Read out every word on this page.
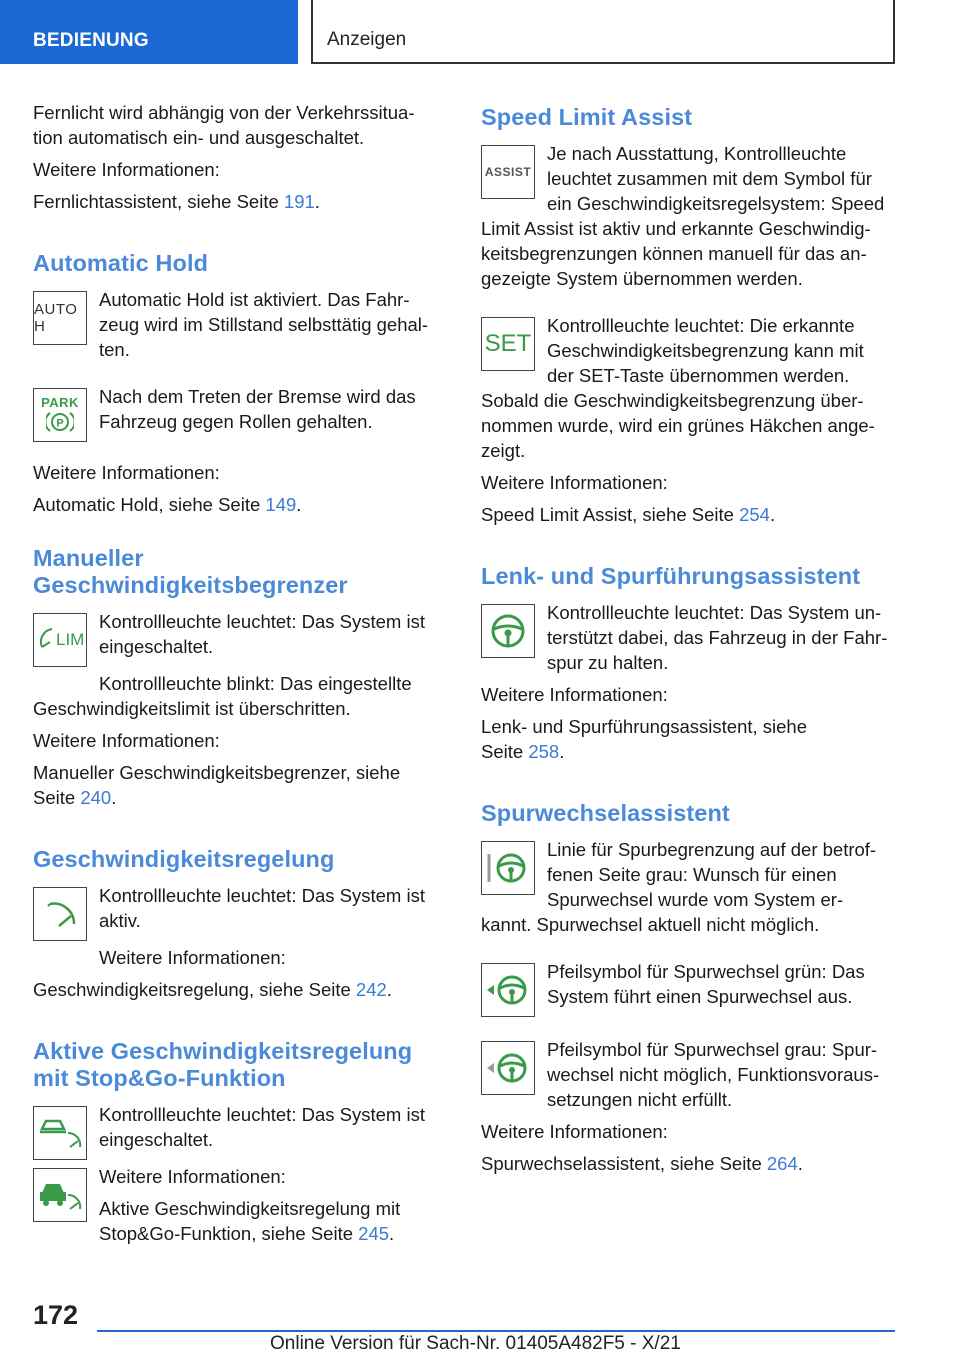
BEDIENUNG	Anzeigen

Fernlicht wird abhängig von der Verkehrssitua-

tion automatisch ein- und ausgeschaltet.

Weitere Informationen:

Fernlichtassistent, siehe Seite 191.

Automatic Hold
AUTO H

Automatic Hold ist aktiviert. Das Fahr-zeug wird im Stillstand selbsttätig gehal-ten.

PARK
P

Nach dem Treten der Bremse wird das Fahrzeug gegen Rollen gehalten.

Weitere Informationen:

Automatic Hold, siehe Seite 149.

Manueller
Geschwindigkeitsbegrenzer
LIM

Kontrollleuchte leuchtet: Das System ist eingeschaltet.

Kontrollleuchte blinkt: Das eingestellte

Geschwindigkeitslimit ist überschritten.

Weitere Informationen:

Manueller Geschwindigkeitsbegrenzer, siehe

Seite 240.

Geschwindigkeitsregelung

Kontrollleuchte leuchtet: Das System ist aktiv.

Weitere Informationen:

Geschwindigkeitsregelung, siehe Seite 242.

Aktive Geschwindigkeitsregelung
mit Stop&Go-Funktion

Kontrollleuchte leuchtet: Das System ist eingeschaltet.

Weitere Informationen:

Aktive Geschwindigkeitsregelung mit Stop&Go-Funktion, siehe Seite 245.

Speed Limit Assist
ASSIST

Je nach Ausstattung, Kontrollleuchte

leuchtet zusammen mit dem Symbol für

ein Geschwindigkeitsregelsystem: Speed

Limit Assist ist aktiv und erkannte Geschwindig-

keitsbegrenzungen können manuell für das an-

gezeigte System übernommen werden.

SET

Kontrollleuchte leuchtet: Die erkannte

Geschwindigkeitsbegrenzung kann mit

der SET-Taste übernommen werden.

Sobald die Geschwindigkeitsbegrenzung über-

nommen wurde, wird ein grünes Häkchen ange-

zeigt.

Weitere Informationen:

Speed Limit Assist, siehe Seite 254.

Lenk- und Spurführungsassistent

Kontrollleuchte leuchtet: Das System un-

terstützt dabei, das Fahrzeug in der Fahr-

spur zu halten.

Weitere Informationen:

Lenk- und Spurführungsassistent, siehe

Seite 258.

Spurwechselassistent

Linie für Spurbegrenzung auf der betrof-

fenen Seite grau: Wunsch für einen

Spurwechsel wurde vom System er-

kannt. Spurwechsel aktuell nicht möglich.

Pfeilsymbol für Spurwechsel grün: Das System führt einen Spurwechsel aus.

Pfeilsymbol für Spurwechsel grau: Spur-wechsel nicht möglich, Funktionsvoraus-setzungen nicht erfüllt.

Weitere Informationen:

Spurwechselassistent, siehe Seite 264.

172
Online Version für Sach-Nr. 01405A482F5 - X/21
